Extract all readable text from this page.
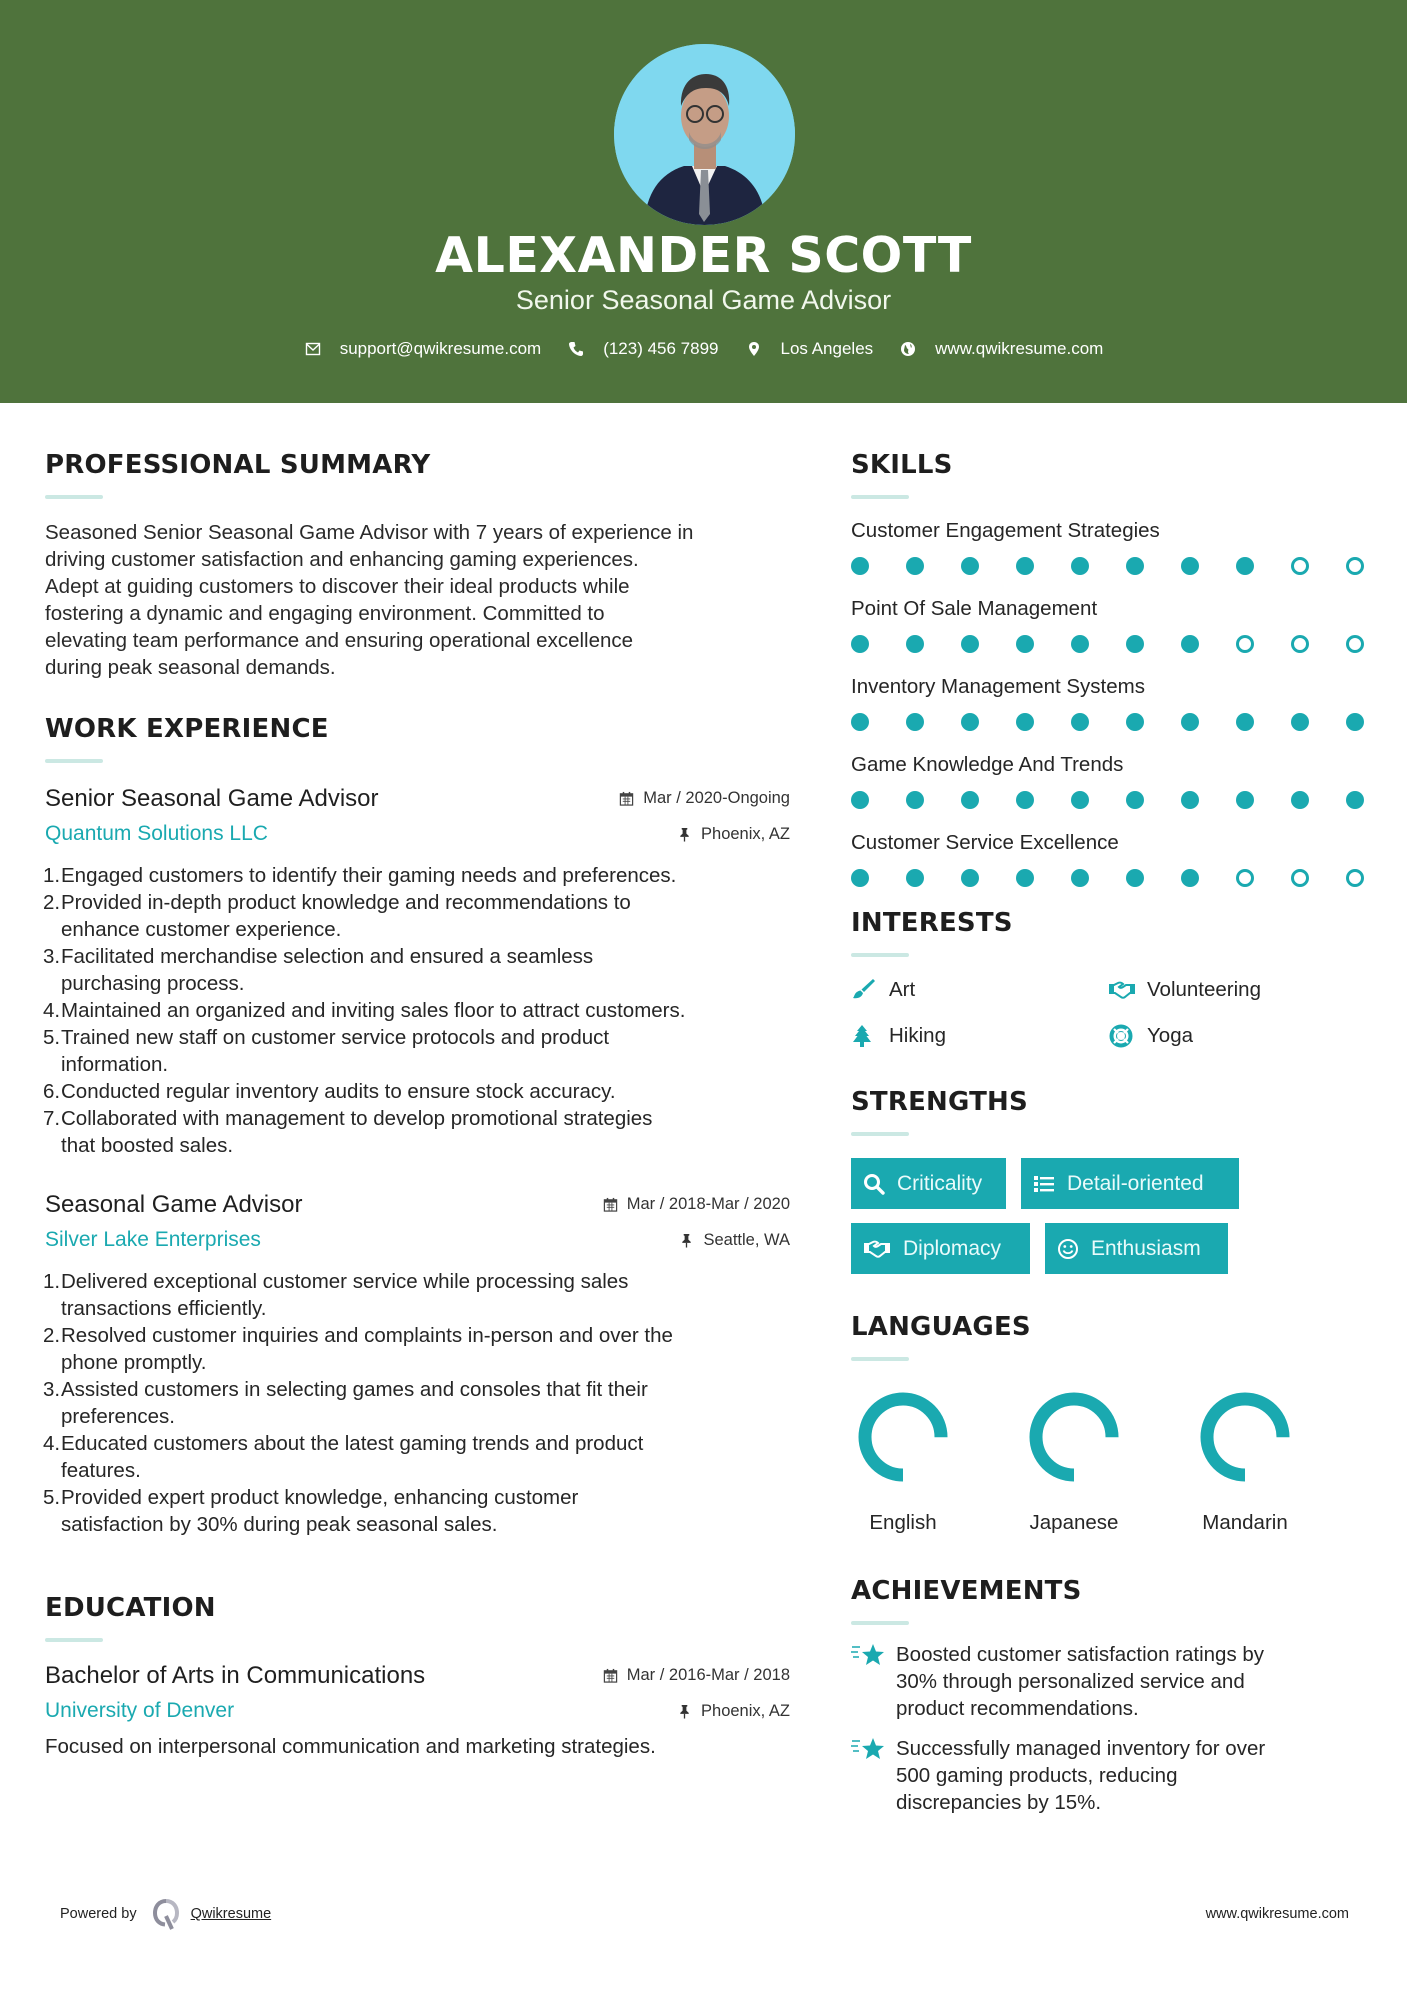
ALEXANDER SCOTT
Senior Seasonal Game Advisor
support@qwikresume.com	(123) 456 7899	Los Angeles	www.qwikresume.com
PROFESSIONAL SUMMARY
Seasoned Senior Seasonal Game Advisor with 7 years of experience in
driving customer satisfaction and enhancing gaming experiences.
Adept at guiding customers to discover their ideal products while
fostering a dynamic and engaging environment. Committed to
elevating team performance and ensuring operational excellence
during peak seasonal demands.
WORK EXPERIENCE
Senior Seasonal Game Advisor	Mar / 2020-Ongoing
Quantum Solutions LLC	Phoenix, AZ
1. Engaged customers to identify their gaming needs and preferences.
2. Provided in-depth product knowledge and recommendations to
enhance customer experience.
3. Facilitated merchandise selection and ensured a seamless
purchasing process.
4. Maintained an organized and inviting sales floor to attract customers.
5. Trained new staff on customer service protocols and product
information.
6. Conducted regular inventory audits to ensure stock accuracy.
7. Collaborated with management to develop promotional strategies
that boosted sales.
Seasonal Game Advisor	Mar / 2018-Mar / 2020
Silver Lake Enterprises	Seattle, WA
1. Delivered exceptional customer service while processing sales
transactions efficiently.
2. Resolved customer inquiries and complaints in-person and over the
phone promptly.
3. Assisted customers in selecting games and consoles that fit their
preferences.
4. Educated customers about the latest gaming trends and product
features.
5. Provided expert product knowledge, enhancing customer
satisfaction by 30% during peak seasonal sales.
EDUCATION
Bachelor of Arts in Communications	Mar / 2016-Mar / 2018
University of Denver	Phoenix, AZ
Focused on interpersonal communication and marketing strategies.
SKILLS
Customer Engagement Strategies
Point Of Sale Management
Inventory Management Systems
Game Knowledge And Trends
Customer Service Excellence
INTERESTS
Art	Volunteering
Hiking	Yoga
STRENGTHS
Criticality	Detail-oriented
Diplomacy	Enthusiasm
LANGUAGES
English	Japanese	Mandarin
ACHIEVEMENTS
Boosted customer satisfaction ratings by
30% through personalized service and
product recommendations.
Successfully managed inventory for over
500 gaming products, reducing
discrepancies by 15%.
Powered by	Qwikresume	www.qwikresume.com
